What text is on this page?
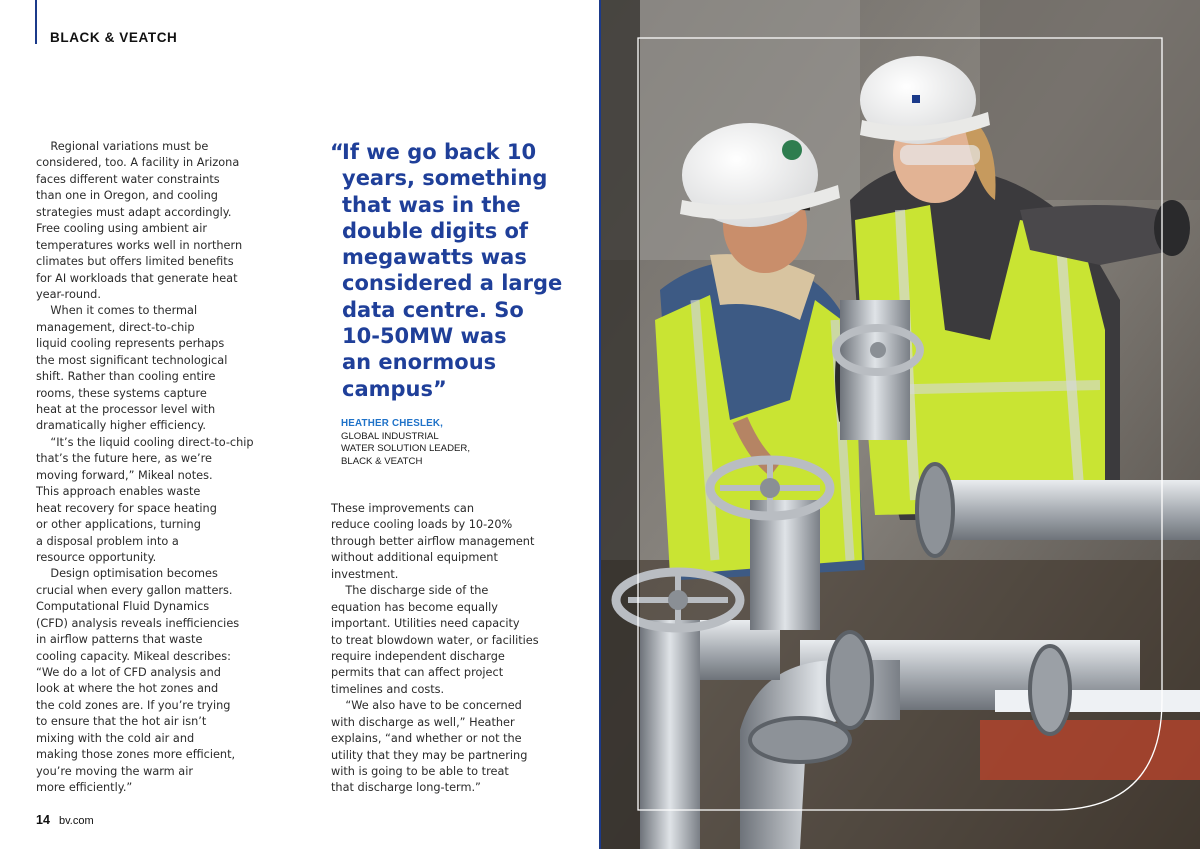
BLACK & VEATCH
Regional variations must be
considered, too. A facility in Arizona
faces different water constraints
than one in Oregon, and cooling
strategies must adapt accordingly.
Free cooling using ambient air
temperatures works well in northern
climates but offers limited benefits
for AI workloads that generate heat
year-round.
When it comes to thermal
management, direct-to-chip
liquid cooling represents perhaps
the most significant technological
shift. Rather than cooling entire
rooms, these systems capture
heat at the processor level with
dramatically higher efficiency.
“It’s the liquid cooling direct-to-chip
that’s the future here, as we’re
moving forward,” Mikeal notes.
This approach enables waste
heat recovery for space heating
or other applications, turning
a disposal problem into a
resource opportunity.
Design optimisation becomes
crucial when every gallon matters.
Computational Fluid Dynamics
(CFD) analysis reveals inefficiencies
in airflow patterns that waste
cooling capacity. Mikeal describes:
“We do a lot of CFD analysis and
look at where the hot zones and
the cold zones are. If you’re trying
to ensure that the hot air isn’t
mixing with the cold air and
making those zones more efficient,
you’re moving the warm air
more efficiently.”
“If we go back 10
years, something
that was in the
double digits of
megawatts was
considered a large
data centre. So
10-50MW was
an enormous
campus”
HEATHER CHESLEK,
GLOBAL INDUSTRIAL
WATER SOLUTION LEADER,
BLACK & VEATCH
These improvements can
reduce cooling loads by 10-20%
through better airflow management
without additional equipment
investment.
The discharge side of the
equation has become equally
important. Utilities need capacity
to treat blowdown water, or facilities
require independent discharge
permits that can affect project
timelines and costs.
“We also have to be concerned
with discharge as well,” Heather
explains, “and whether or not the
utility that they may be partnering
with is going to be able to treat
that discharge long-term.”
14 bv.com
